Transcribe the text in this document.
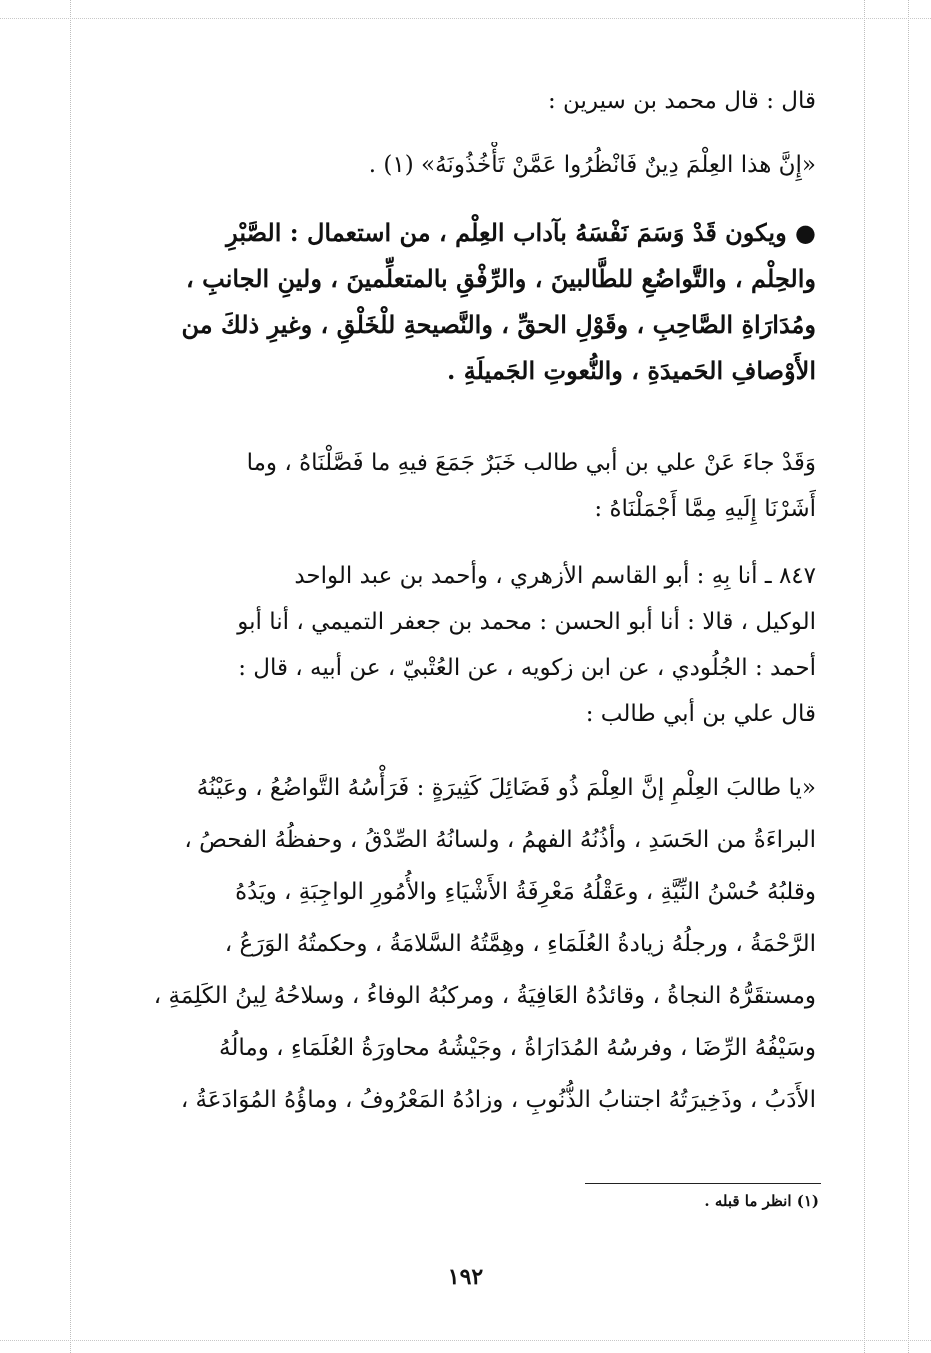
قال : قال محمد بن سيرين :
«إِنَّ هذا العِلْمَ دِينٌ فَانْظُرُوا عَمَّنْ تَأْخُذُونَهُ» (١) .
● ويكون قَدْ وَسَمَ نَفْسَهُ بآداب العِلْم ، من استعمال : الصَّبْرِ
والحِلْم ، والتَّواضُعِ للطَّالبينَ ، والرِّفْقِ بالمتعلِّمينَ ، ولينِ الجانبِ ،
ومُدَارَاةِ الصَّاحِبِ ، وقَوْلِ الحقِّ ، والنَّصيحةِ للْخَلْقِ ، وغيرِ ذلكَ من
الأَوْصافِ الحَميدَةِ ، والنُّعوتِ الجَميلَةِ .
وَقَدْ جاءَ عَنْ علي بن أبي طالب خَبَرٌ جَمَعَ فيهِ ما فَصَّلْنَاهُ ، وما
أَشَرْنَا إِلَيهِ مِمَّا أَجْمَلْنَاهُ :
٨٤٧ ـ أنا بِهِ : أبو القاسم الأزهري ، وأحمد بن عبد الواحد
الوكيل ، قالا : أنا أبو الحسن : محمد بن جعفر التميمي ، أنا أبو
أحمد : الجُلُودي ، عن ابن زكويه ، عن العُتْبيّ ، عن أبيه ، قال :
قال علي بن أبي طالب :
«يا طالبَ العِلْمِ إنَّ العِلْمَ ذُو فَضَائِلَ كَثِيرَةٍ : فَرَأْسُهُ التَّواضُعُ ، وعَيْنُهُ
البراءَةُ من الحَسَدِ ، وأذُنُهُ الفهمُ ، ولسانُهُ الصِّدْقُ ، وحفظُهُ الفحصُ ،
وقلبُهُ حُسْنُ النِّيَّةِ ، وعَقْلُهُ مَعْرِفَةُ الأَشْيَاءِ والأُمُورِ الواجِبَةِ ، ويَدُهُ
الرَّحْمَةُ ، ورجلُهُ زيادةُ العُلَمَاءِ ، وهِمَّتُهُ السَّلامَةُ ، وحكمتُهُ الوَرَعُ ،
ومستقَرُّهُ النجاةُ ، وقائدُهُ العَافِيَةُ ، ومركبُهُ الوفاءُ ، وسلاحُهُ لِينُ الكَلِمَةِ ،
وسَيْفُهُ الرِّضَا ، وفرسُهُ المُدَارَاةُ ، وجَيْشُهُ محاورَةُ العُلَمَاءِ ، ومالُهُ
الأَدَبُ ، وذَخِيرَتُهُ اجتنابُ الذُّنُوبِ ، وزادُهُ المَعْرُوفُ ، وماؤُهُ المُوَادَعَةُ ،
(١) انظر ما قبله .
١٩٢
